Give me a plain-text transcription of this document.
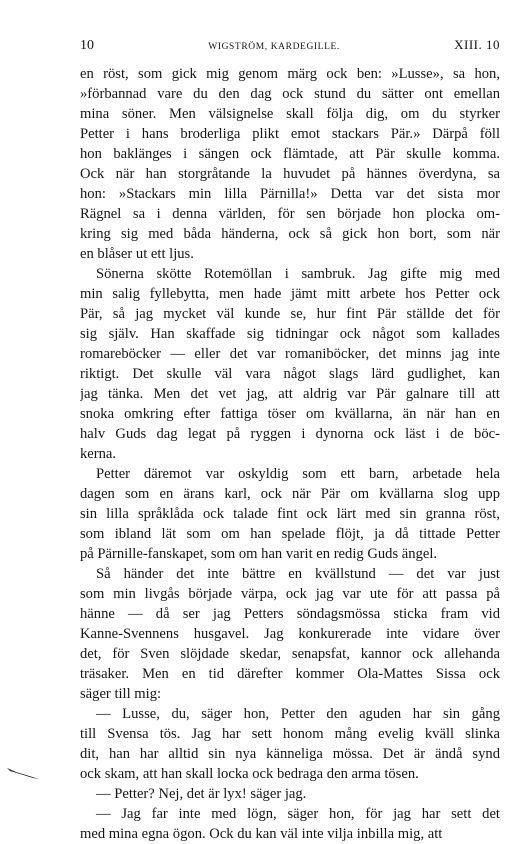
10	WIGSTRÖM, KARDEGILLE.	XIII. 10
en röst, som gick mig genom märg ock ben: »Lusse», sa hon,
»förbannad vare du den dag ock stund du sätter ont emellan
mina söner. Men välsignelse skall följa dig, om du styrker
Petter i hans broderliga plikt emot stackars Pär.» Därpå föll
hon baklänges i sängen ock flämtade, att Pär skulle komma.
Ock när han storgråtande la huvudet på hännes överdyna, sa
hon: »Stackars min lilla Pärnilla!» Detta var det sista mor
Rägnel sa i denna världen, för sen började hon plocka om-
kring sig med båda händerna, ock så gick hon bort, som när
en blåser ut ett ljus.
Sönerna skötte Rotemöllan i sambruk. Jag gifte mig med
min salig fyllebytta, men hade jämt mitt arbete hos Petter ock
Pär, så jag mycket väl kunde se, hur fint Pär ställde det för
sig själv. Han skaffade sig tidningar ock något som kallades
romareböcker — eller det var romaniböcker, det minns jag inte
riktigt. Det skulle väl vara något slags lärd gudlighet, kan
jag tänka. Men det vet jag, att aldrig var Pär galnare till att
snoka omkring efter fattiga töser om kvällarna, än när han en
halv Guds dag legat på ryggen i dynorna ock läst i de böc-
kerna.
Petter däremot var oskyldig som ett barn, arbetade hela
dagen som en ärans karl, ock när Pär om kvällarna slog upp
sin lilla språklåda ock talade fint ock lärt med sin granna röst,
som ibland lät som om han spelade flöjt, ja då tittade Petter
på Pärnille-fanskapet, som om han varit en redig Guds ängel.
Så händer det inte bättre en kvällstund — det var just
som min livgås började värpa, ock jag var ute för att passa på
hänne — då ser jag Petters söndagsmössa sticka fram vid
Kanne-Svennens husgavel. Jag konkurerade inte vidare över
det, för Sven slöjdade skedar, senapsfat, kannor ock allehanda
träsaker. Men en tid därefter kommer Ola-Mattes Sissa ock
säger till mig:
— Lusse, du, säger hon, Petter den aguden har sin gång
till Svensa tös. Jag har sett honom mång evelig kväll slinka
dit, han har alltid sin nya känneliga mössa. Det är ändå synd
ock skam, att han skall locka ock bedraga den arma tösen.
— Petter? Nej, det är lyx! säger jag.
— Jag far inte med lögn, säger hon, för jag har sett det
med mina egna ögon. Ock du kan väl inte vilja inbilla mig, att
